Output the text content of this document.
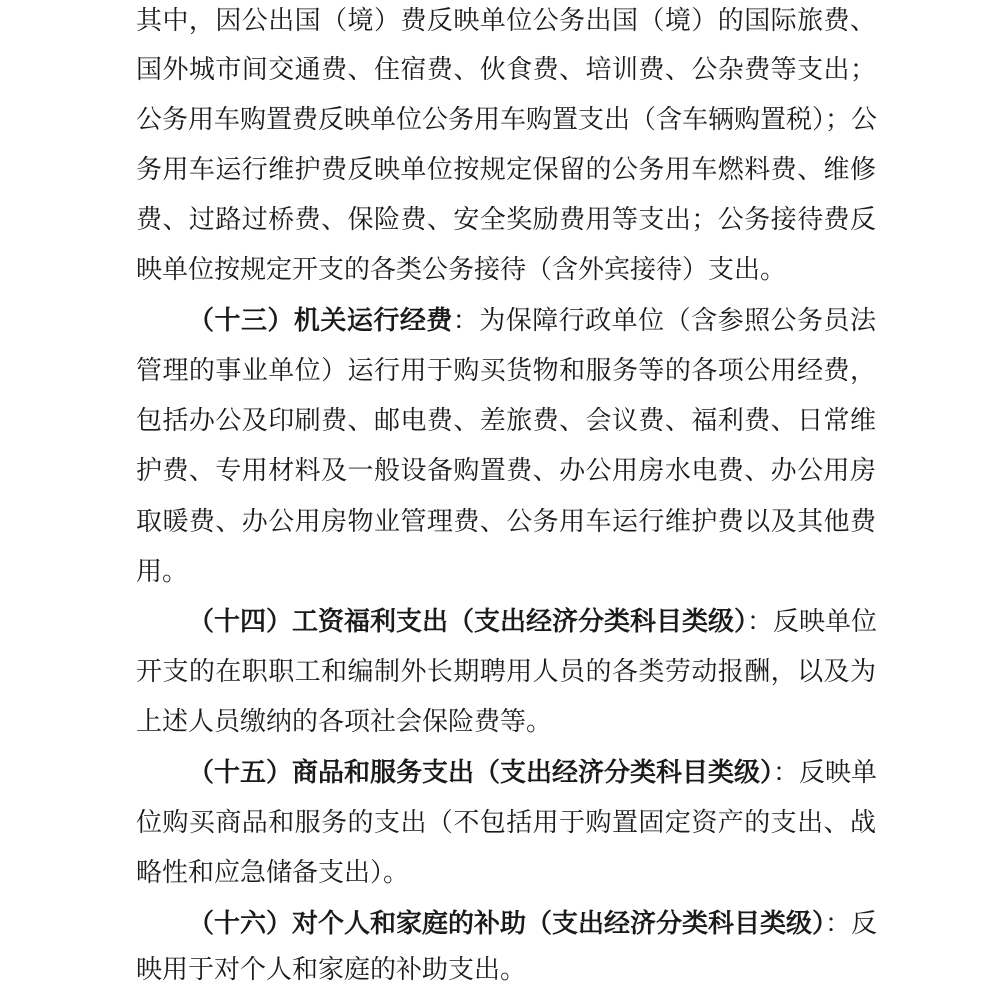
其中，因公出国（境）费反映单位公务出国（境）的国际旅费、
国外城市间交通费、住宿费、伙食费、培训费、公杂费等支出；
公务用车购置费反映单位公务用车购置支出（含车辆购置税）；公
务用车运行维护费反映单位按规定保留的公务用车燃料费、维修
费、过路过桥费、保险费、安全奖励费用等支出；公务接待费反
映单位按规定开支的各类公务接待（含外宾接待）支出。
（十三）机关运行经费：为保障行政单位（含参照公务员法
管理的事业单位）运行用于购买货物和服务等的各项公用经费，
包括办公及印刷费、邮电费、差旅费、会议费、福利费、日常维
护费、专用材料及一般设备购置费、办公用房水电费、办公用房
取暖费、办公用房物业管理费、公务用车运行维护费以及其他费
用。
（十四）工资福利支出（支出经济分类科目类级）：反映单位
开支的在职职工和编制外长期聘用人员的各类劳动报酬，以及为
上述人员缴纳的各项社会保险费等。
（十五）商品和服务支出（支出经济分类科目类级）：反映单
位购买商品和服务的支出（不包括用于购置固定资产的支出、战
略性和应急储备支出）。
（十六）对个人和家庭的补助（支出经济分类科目类级）：反
映用于对个人和家庭的补助支出。
